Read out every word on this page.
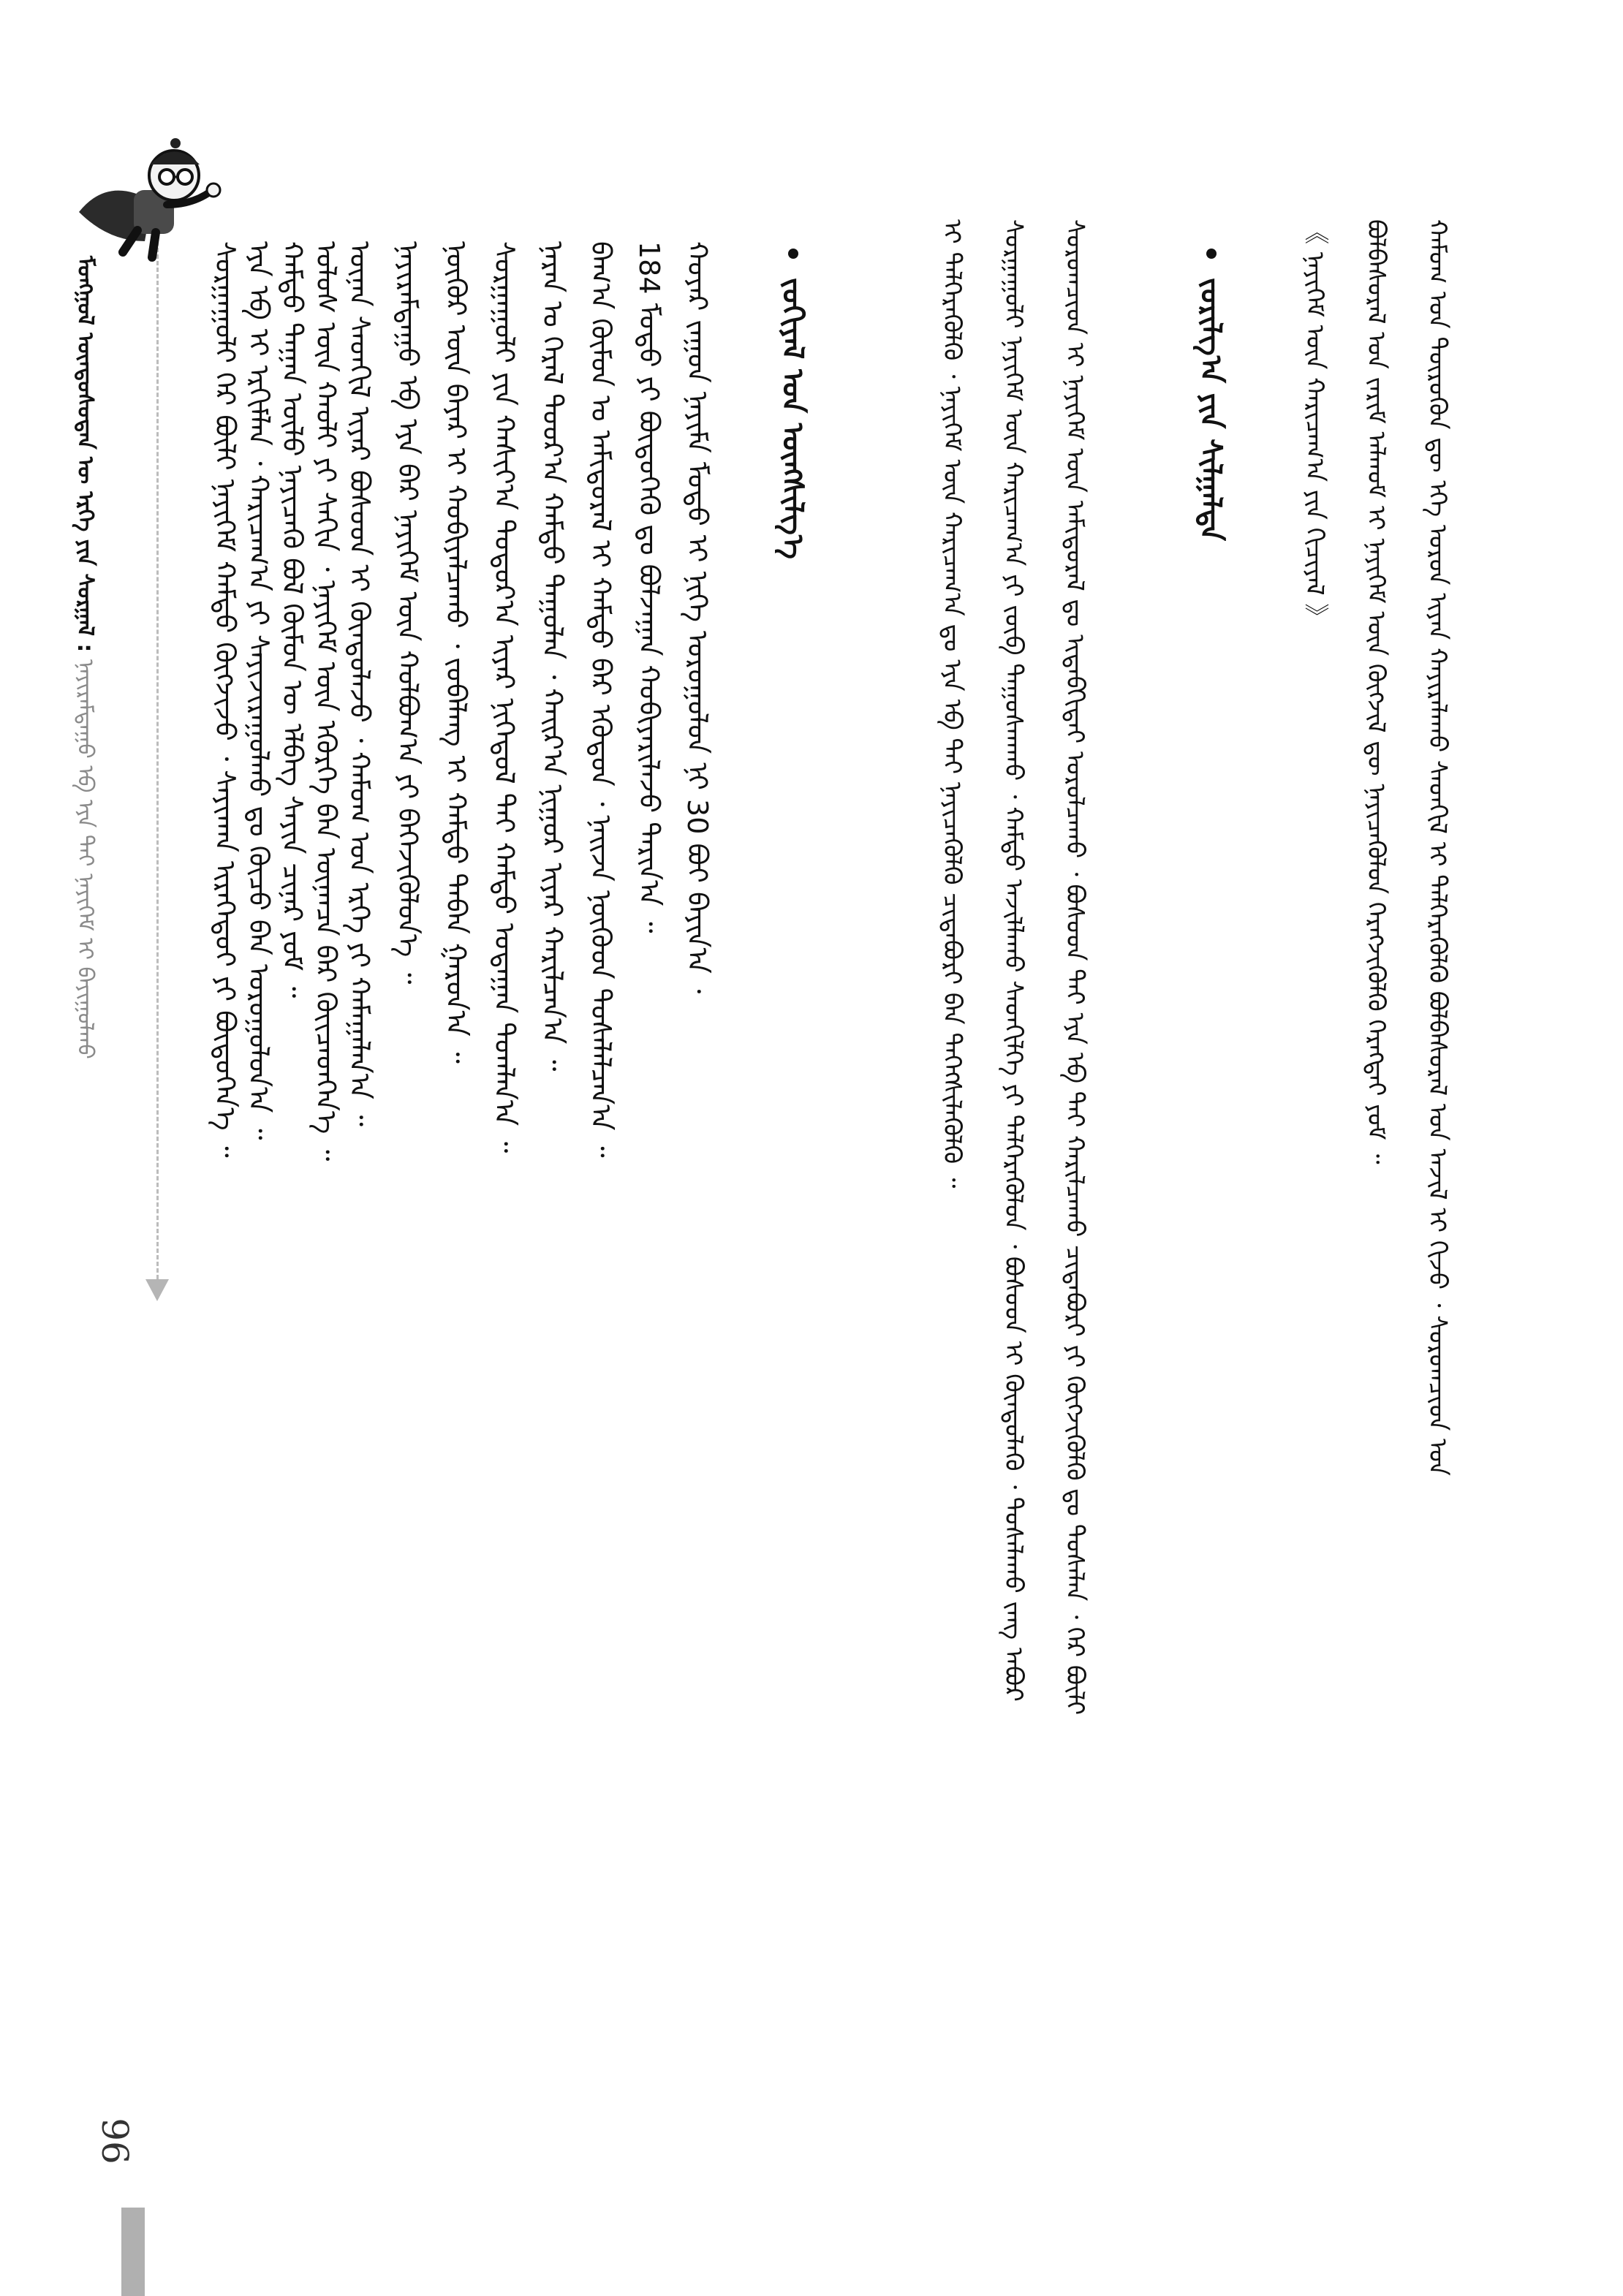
ᠮᠣᠩᠭᠣᠯ ᠦᠨᠳᠦᠰᠦᠲᠡᠨ ᠦ ᠡᠷᠬᠡ ᠶᠢᠨ ᠰᠤᠷᠭᠠᠯ : ᠨᠠᠶᠢᠷᠠᠮᠳᠠᠭᠤ ᠡᠪ ᠡᠶᠡ ᠲᠡᠢ ᠨᠡᠶᠢᠭᠡᠮ ᠢ ᠪᠠᠶᠢᠭᠤᠯᠬᠤ	ᠬᠠᠮᠤᠭ ᠤᠨ ᠲᠦᠷᠦᠭᠦᠨ ᠳᠦ ᠡᠬᠡ ᠣᠷᠣᠨ ᠢᠶᠠᠨ ᠬᠠᠶᠢᠷᠠᠯᠠᠬᠤ ᠰᠡᠳᠬᠢᠯ ᠢ ᠲᠡᠯᠭᠡᠷᠡᠭᠦᠯᠬᠦ ᠪᠣᠯᠪᠠᠰᠤᠷᠠᠯ ᠤᠨ ᠠᠵᠢᠯ ᠢ ᠬᠢᠵᠦ ᠂ ᠰᠤᠷᠤᠭᠴᠢᠳ ᠤᠨ
ᠪᠣᠯᠪᠠᠰᠤᠷᠠᠯ ᠤᠨ ᠵᠠᠷᠢᠮ ᠠᠯᠬᠤᠮ ᠢ ᠨᠡᠶᠢᠭᠡᠮ ᠦᠨ ᠬᠥᠭᠵᠢᠯ ᠳᠦ ᠨᠡᠶᠢᠴᠡᠭᠦᠯᠦᠨ ᠬᠡᠷᠡᠭᠵᠢᠭᠦᠯᠬᠦ ᠬᠡᠷᠡᠭᠲᠡᠢ ᠶᠤᠮ ᠃
《 ᠨᠡᠶᠢᠭᠡᠮ ᠦᠨ ᠬᠠᠷᠢᠴᠠᠭ᠎ᠠ ᠶᠢᠨ ᠬᠢᠴᠢᠶᠡᠯ 》
ᠵᠣᠷᠢᠯᠭ᠎ᠠ ᠶᠢᠨ ᠰᠢᠯᠭᠠᠯᠲᠠ
ᠰᠤᠷᠤᠭᠴᠢᠳ ᠢ ᠨᠡᠶᠢᠭᠡᠮ ᠦᠨ ᠠᠮᠢᠳᠤᠷᠠᠯ ᠳᠤ ᠢᠳᠡᠪᠬᠢᠲᠡᠢ ᠣᠷᠣᠯᠴᠠᠬᠤ ᠂ ᠪᠤᠰᠤᠳ ᠲᠠᠢ ᠡᠶᠡ ᠡᠪ ᠲᠡᠢ ᠬᠠᠷᠢᠯᠴᠠᠬᠤ ᠴᠢᠳᠠᠪᠤᠷᠢ ᠶᠢ ᠬᠥᠭᠵᠢᠭᠦᠯᠬᠦ ᠳᠤ ᠲᠤᠰᠠᠯᠠᠨ ᠂ ᠭᠡᠷ ᠪᠦᠯᠢ
ᠰᠤᠷᠭᠠᠭᠤᠯᠢ ᠨᠡᠶᠢᠭᠡᠮ ᠦᠨ ᠬᠠᠷᠢᠴᠠᠭ᠎ᠠ ᠶᠢ ᠵᠥᠪ ᠳᠠᠭᠤᠰᠬᠠᠬᠤ ᠂ ᠬᠠᠮᠲᠤ ᠠᠵᠢᠯᠯᠠᠬᠤ ᠰᠡᠳᠬᠢᠯᠭᠡ ᠶᠢ ᠲᠡᠯᠭᠡᠷᠡᠭᠦᠯᠦᠨ ᠂ ᠪᠤᠰᠤᠳ ᠢ ᠬᠦᠨᠳᠦᠯᠡᠬᠦ ᠂ ᠲᠤᠰᠠᠯᠠᠬᠤ ᠵᠠᠩ ᠠᠪᠤᠷ
ᠢ ᠲᠡᠯᠭᠡᠷᠡᠭᠦᠯᠬᠦ ᠂ ᠨᠡᠶᠢᠭᠡᠮ ᠦᠨ ᠬᠠᠷᠢᠴᠠᠭ᠎ᠠ ᠳᠤ ᠡᠶᠡ ᠡᠪ ᠲᠡᠢ ᠨᠡᠶᠢᠴᠡᠭᠦᠯᠬᠦ ᠴᠢᠳᠠᠪᠤᠷᠢ ᠪᠡᠨ ᠳᠡᠭᠡᠭᠰᠢᠯᠡᠭᠦᠯᠬᠦ ᠃
ᠵᠣᠬᠢᠶᠠᠯ ᠤᠨ ᠦᠩᠰᠢᠯᠭ᠎ᠡ
ᠬᠣᠶᠠᠷ ᠵᠠᠭᠤᠨ ᠨᠠᠶᠢᠮᠠ ᠮᠣᠳᠣ ᠢ ᠨᠢᠭᠡ ᠤᠷᠤᠭᠤᠯᠤᠨ ᠨᠢ 30 ᠪᠤᠢ ᠪᠠᠶᠢᠨ᠎ᠠ ᠂
184 ᠮᠣᠳᠣ ᠶᠢ ᠪᠦᠲᠦᠭᠡᠬᠦ ᠳᠤ ᠪᠣᠯᠵᠠᠭᠠᠨ ᠬᠤᠪᠢᠶᠠᠷᠢᠯᠠᠵᠤ ᠲᠠᠷᠢᠨ᠎ᠠ ᠃
ᠪᠠᠭ᠎ᠠ ᠬᠦᠮᠦᠨ ᠤ ᠠᠮᠢᠳᠤᠷᠠᠯ ᠢ ᠬᠠᠮᠲᠤ ᠪᠠᠷ ᠡᠭᠦᠳᠦᠨ ᠂ ᠨᠠᠢᠵᠠ ᠨᠦᠬᠦᠳ ᠲᠤᠰᠠᠯᠠᠯᠴᠠᠨ᠎ᠠ ᠃
ᠨᠠᠷᠠᠨ ᠤ ᠭᠡᠷᠡᠯ ᠳᠣᠣᠷ᠎ᠠ ᠬᠠᠮᠲᠤ ᠳᠠᠭᠤᠯᠠᠨ ᠂ ᠬᠠᠢᠷ᠎ᠠ ᠨᠢᠭᠤᠷ ᠢᠶᠠᠷ ᠬᠠᠷᠢᠯᠴᠠᠨ᠎ᠠ ᠃
ᠰᠤᠷᠭᠠᠭᠤᠯᠢ ᠶᠢᠨ ᠬᠠᠰᠢᠶ᠎ᠠ ᠳᠣᠲᠣᠷ᠎ᠠ ᠢᠶᠡᠷ ᠨᠢᠭᠡᠳᠦᠯ ᠲᠠᠢ ᠬᠠᠮᠲᠤ ᠤᠳᠠᠭᠠᠨ ᠲᠣᠭᠯᠠᠨ᠎ᠠ ᠃
ᠨᠥᠬᠦᠷ ᠦᠨ ᠪᠠᠶᠠᠷ ᠢ ᠬᠤᠪᠢᠶᠠᠯᠴᠠᠬᠤ ᠂ ᠵᠣᠪᠠᠯᠠᠩ ᠢ ᠬᠠᠮᠲᠤ ᠳᠠᠪᠠᠨ ᠭᠠᠷᠤᠨ᠎ᠠ ᠃
ᠨᠠᠶᠢᠷᠠᠮᠳᠠᠭᠤ ᠡᠪ ᠡᠶᠡ ᠪᠡᠷ ᠨᠡᠶᠢᠭᠡᠮ ᠦᠨ ᠬᠣᠯᠪᠣᠭ᠎ᠠ ᠶᠢ ᠪᠡᠬᠡᠵᠢᠭᠦᠯᠦᠨ᠎ᠡ ᠃
ᠦᠨᠡᠨ ᠰᠡᠳᠬᠢᠯ ᠢᠶᠡᠷ ᠪᠤᠰᠤᠳ ᠢ ᠬᠦᠨᠳᠦᠯᠡᠵᠦ ᠂ ᠬᠠᠮᠤᠭ ᠤᠨ ᠡᠷᠬᠡ ᠶᠢ ᠬᠠᠮᠠᠭᠠᠯᠠᠨ᠎ᠠ ᠃
ᠤᠯᠤᠰ ᠦᠨ ᠬᠠᠤᠯᠢ ᠶᠢ ᠰᠠᠬᠢᠨ ᠂ ᠨᠡᠶᠢᠭᠡᠮ ᠦᠨ ᠡᠭᠦᠷᠭᠡ ᠪᠡᠨ ᠦᠨᠡᠨᠴᠡ ᠪᠡᠷ ᠭᠦᠢᠴᠡᠳᠭᠡᠨ᠎ᠡ ᠃
ᠬᠠᠮᠲᠤ ᠳᠠᠭᠠᠨ ᠦᠯᠦ ᠨᠡᠶᠢᠴᠡᠬᠦ ᠪᠣᠯ ᠬᠦᠮᠦᠨ ᠦ ᠡᠯᠪᠡᠭ ᠰᠠᠶᠢᠨ ᠴᠢᠨᠠᠷ ᠶᠤᠮ ᠃
ᠡᠶᠡ ᠡᠪ ᠢ ᠡᠷᠬᠢᠮᠯᠡᠨ ᠂ ᠬᠠᠷᠢᠴᠠᠭ᠎ᠠ ᠶᠢ ᠰᠠᠶᠢᠵᠢᠷᠠᠭᠤᠯᠬᠤ ᠳᠤ ᠬᠦᠴᠦ ᠪᠡᠨ ᠣᠷᠣᠭᠤᠯᠤᠨ᠎ᠠ ᠃
ᠰᠤᠷᠭᠠᠭᠤᠯᠢ ᠭᠡᠷ ᠪᠦᠯᠢ ᠨᠡᠶᠢᠭᠡᠮ ᠬᠠᠮᠲᠤ ᠬᠥᠭᠵᠢᠵᠦ ᠂ ᠰᠠᠶᠢᠬᠠᠨ ᠢᠷᠡᠭᠡᠳᠦᠢ ᠶᠢ ᠪᠦᠲᠦᠭᠡᠨ᠎ᠡ ᠃
96
